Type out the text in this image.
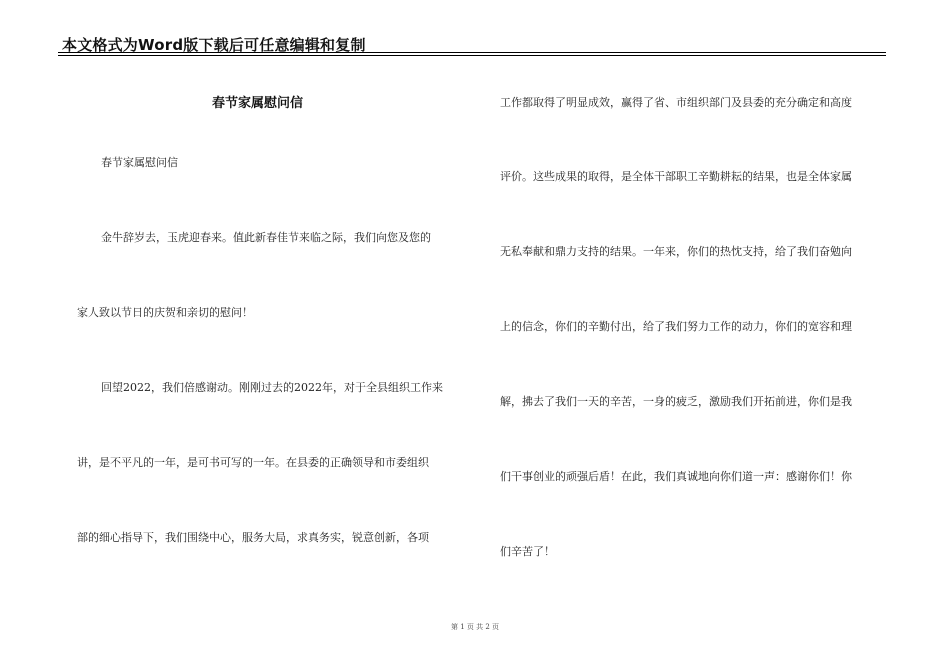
本文格式为Word版下载后可任意编辑和复制
春节家属慰问信
春节家属慰问信
金牛辞岁去，玉虎迎春来。值此新春佳节来临之际，我们向您及您的
家人致以节日的庆贺和亲切的慰问！
回望2022，我们倍感谢动。刚刚过去的2022年，对于全县组织工作来
讲，是不平凡的一年，是可书可写的一年。在县委的正确领导和市委组织
部的细心指导下，我们围绕中心，服务大局，求真务实，锐意创新，各项
工作都取得了明显成效，赢得了省、市组织部门及县委的充分确定和高度
评价。这些成果的取得，是全体干部职工辛勤耕耘的结果，也是全体家属
无私奉献和鼎力支持的结果。一年来，你们的热忱支持，给了我们奋勉向
上的信念，你们的辛勤付出，给了我们努力工作的动力，你们的宽容和理
解，拂去了我们一天的辛苦，一身的疲乏，激励我们开拓前进，你们是我
们干事创业的顽强后盾！在此，我们真诚地向你们道一声：感谢你们！你
们辛苦了！
第 1 页 共 2 页
